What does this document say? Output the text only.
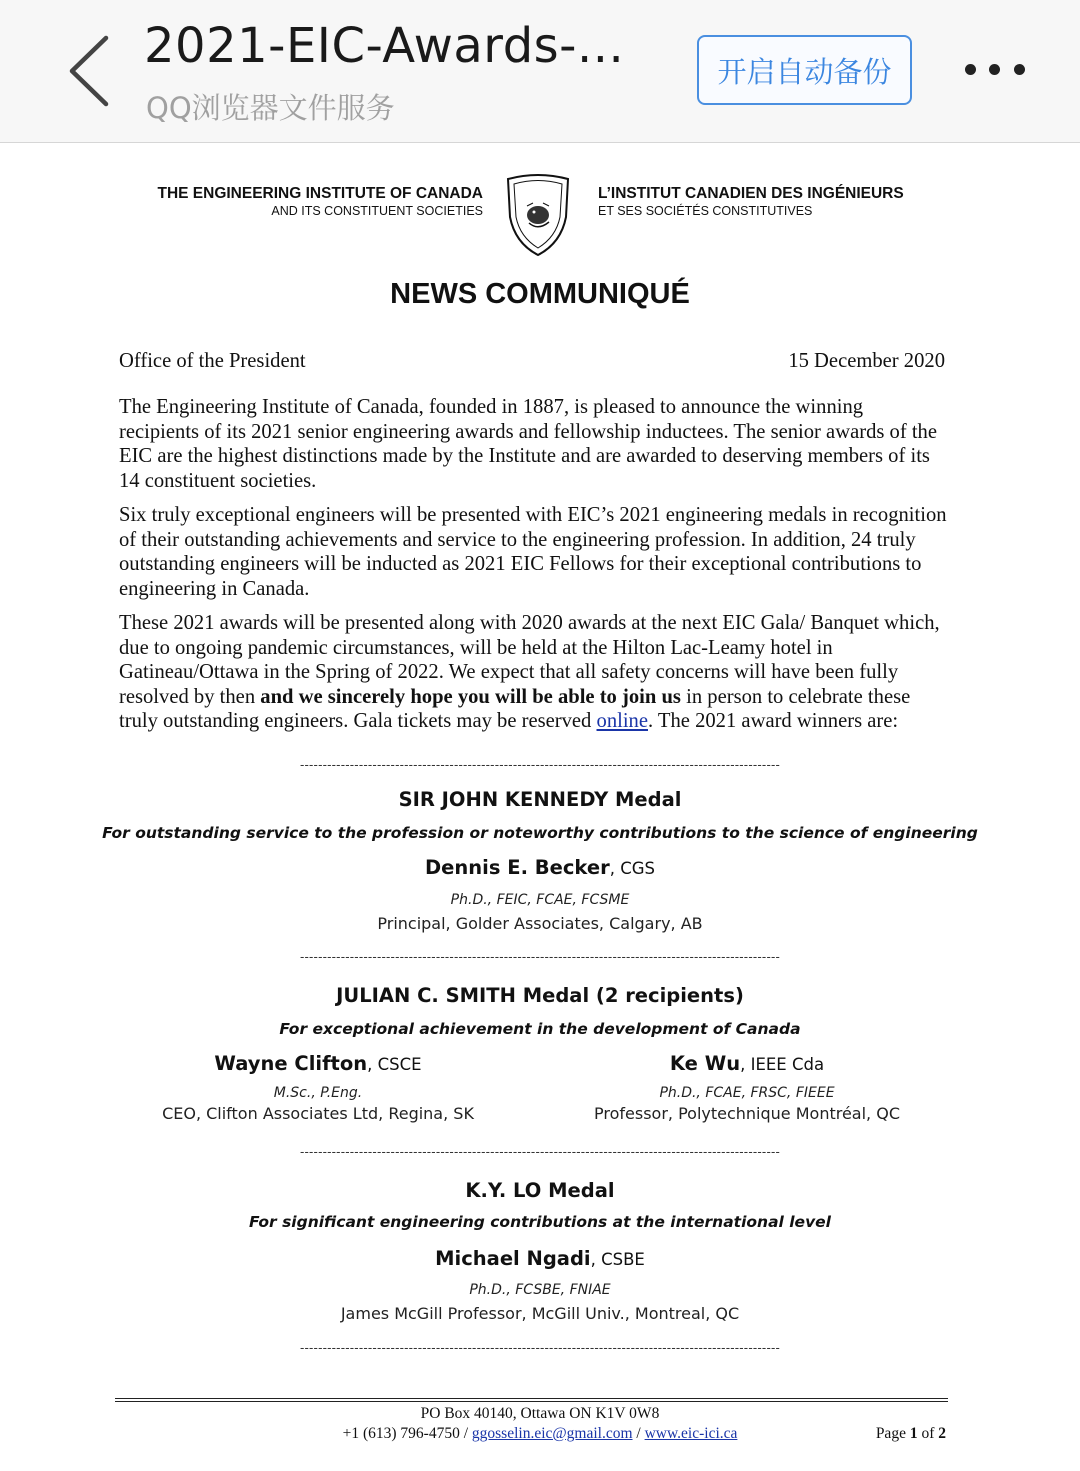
2021-EIC-Awards-...
QQ浏览器文件服务
开启自动备份
THE ENGINEERING INSTITUTE OF CANADA
AND ITS CONSTITUENT SOCIETIES
L’INSTITUT CANADIEN DES INGÉNIEURS
ET SES SOCIÉTÉS CONSTITUTIVES
NEWS COMMUNIQUÉ
Office of the President	15 December 2020
The Engineering Institute of Canada, founded in 1887, is pleased to announce the winning recipients of its 2021 senior engineering awards and fellowship inductees. The senior awards of the EIC are the highest distinctions made by the Institute and are awarded to deserving members of its 14 constituent societies.
Six truly exceptional engineers will be presented with EIC’s 2021 engineering medals in recognition of their outstanding achievements and service to the engineering profession. In addition, 24 truly outstanding engineers will be inducted as 2021 EIC Fellows for their exceptional contributions to engineering in Canada.
These 2021 awards will be presented along with 2020 awards at the next EIC Gala/ Banquet which, due to ongoing pandemic circumstances, will be held at the Hilton Lac-Leamy hotel in Gatineau/Ottawa in the Spring of 2022. We expect that all safety concerns will have been fully resolved by then and we sincerely hope you will be able to join us in person to celebrate these truly outstanding engineers. Gala tickets may be reserved online. The 2021 award winners are:
----------------------------------------------------------------------------------------------------------
SIR JOHN KENNEDY Medal
For outstanding service to the profession or noteworthy contributions to the science of engineering
Dennis E. Becker, CGS
Ph.D., FEIC, FCAE, FCSME
Principal, Golder Associates, Calgary, AB
----------------------------------------------------------------------------------------------------------
JULIAN C. SMITH Medal (2 recipients)
For exceptional achievement in the development of Canada
Wayne Clifton, CSCE
M.Sc., P.Eng.
CEO, Clifton Associates Ltd, Regina, SK
Ke Wu, IEEE Cda
Ph.D., FCAE, FRSC, FIEEE
Professor, Polytechnique Montréal, QC
----------------------------------------------------------------------------------------------------------
K.Y. LO Medal
For significant engineering contributions at the international level
Michael Ngadi, CSBE
Ph.D., FCSBE, FNIAE
James McGill Professor, McGill Univ., Montreal, QC
----------------------------------------------------------------------------------------------------------
PO Box 40140, Ottawa ON K1V 0W8
+1 (613) 796-4750 / ggosselin.eic@gmail.com / www.eic-ici.ca	Page 1 of 2
